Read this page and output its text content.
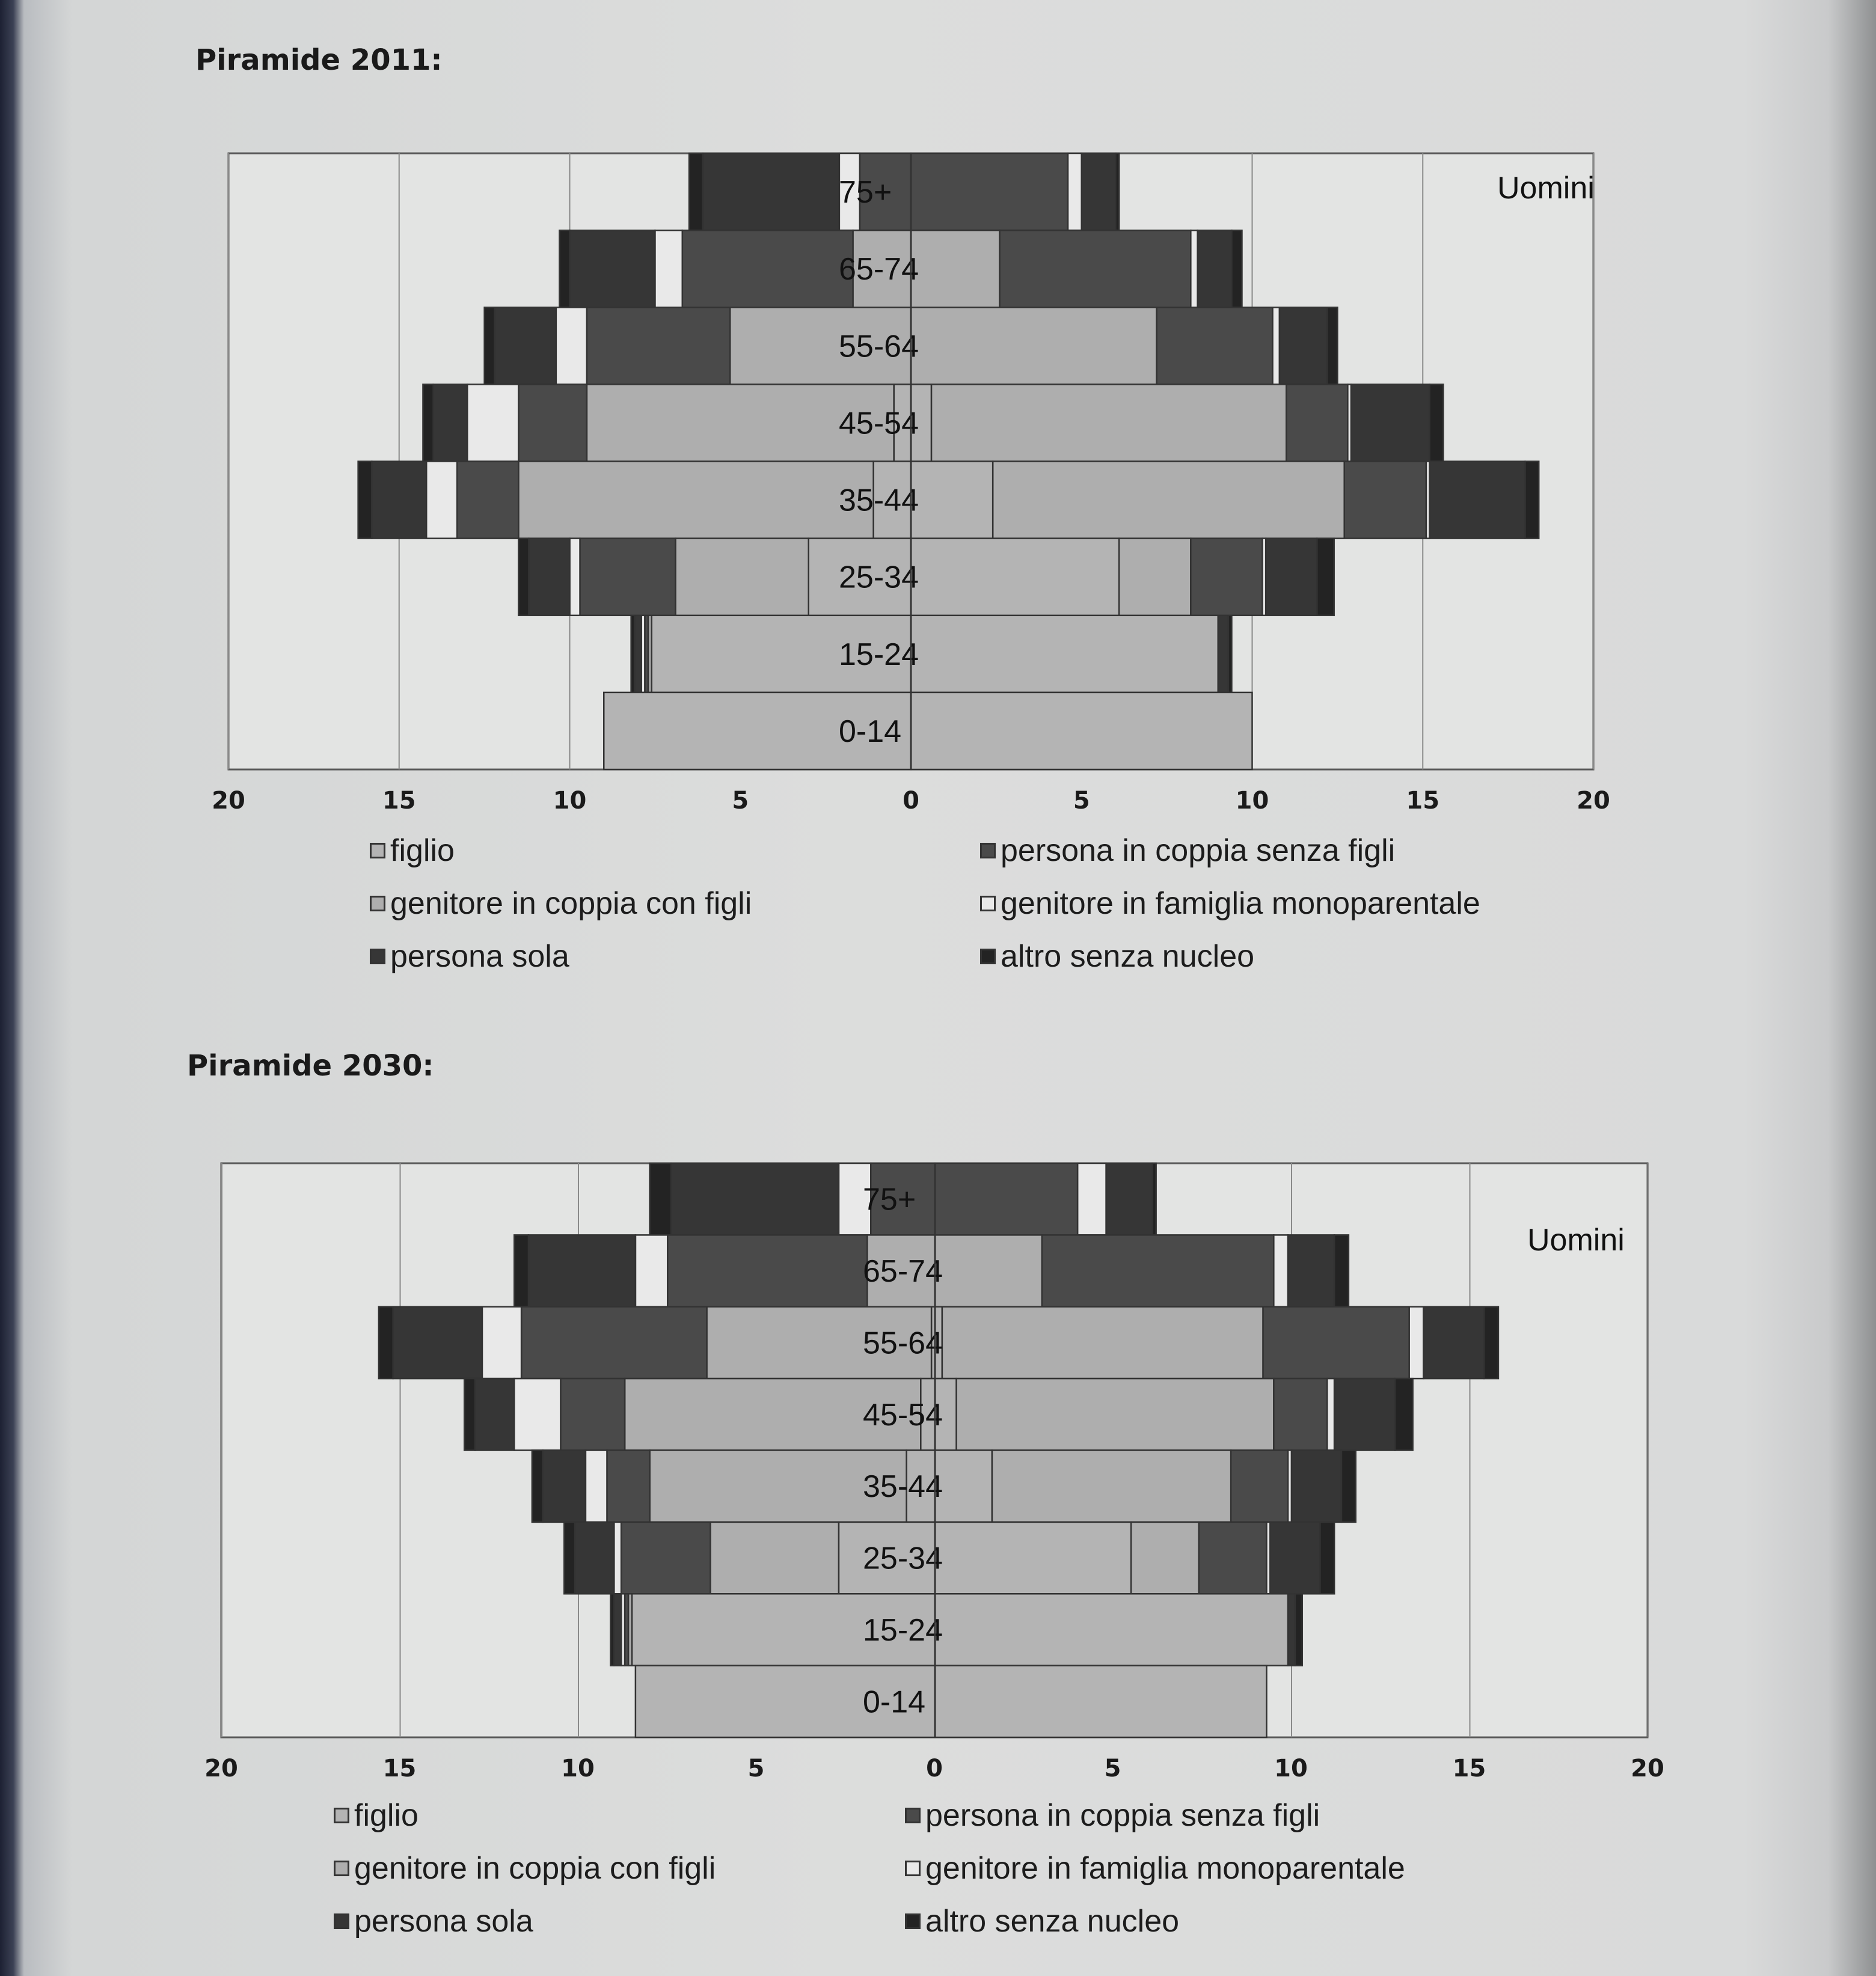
Piramide 2011:
75+
65-74
55-64
45-54
35-44
25-34
15-24
0-14
20	15	10	5	0	5	10	15	20
Uomini
figlio	persona in coppia senza figli
genitore in coppia con figli	genitore in famiglia monoparentale
persona sola	altro senza nucleo
Piramide 2030:
75+
65-74
55-64
45-54
35-44
25-34
15-24
0-14
20	15	10	5	0	5	10	15	20
Uomini
figlio	persona in coppia senza figli
genitore in coppia con figli	genitore in famiglia monoparentale
persona sola	altro senza nucleo
